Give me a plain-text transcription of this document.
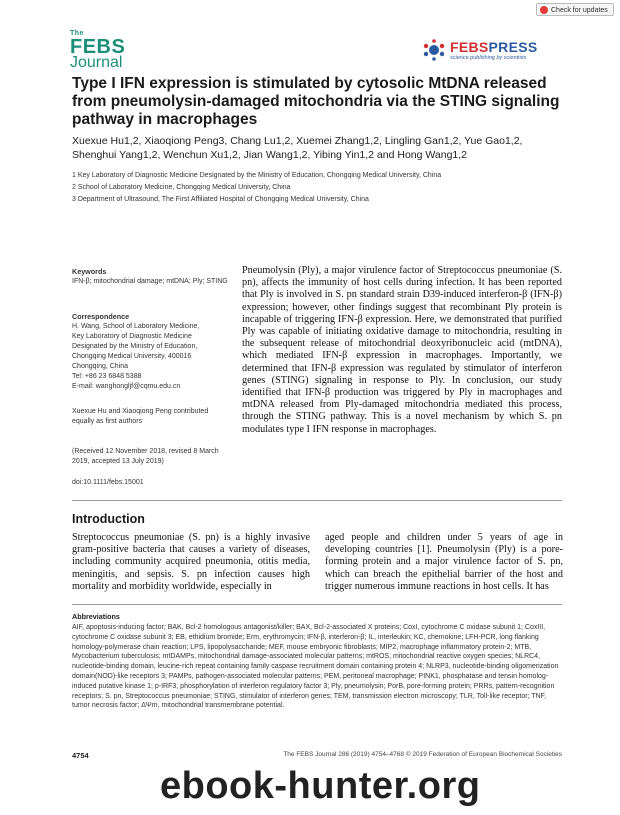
Check for updates
The
FEBS
Journal
FEBSPRESS
science publishing by scientists
Type I IFN expression is stimulated by cytosolic MtDNA released from pneumolysin-damaged mitochondria via the STING signaling pathway in macrophages
Xuexue Hu1,2, Xiaoqiong Peng3, Chang Lu1,2, Xuemei Zhang1,2, Lingling Gan1,2, Yue Gao1,2,
Shenghui Yang1,2, Wenchun Xu1,2, Jian Wang1,2, Yibing Yin1,2 and Hong Wang1,2
1 Key Laboratory of Diagnostic Medicine Designated by the Ministry of Education, Chongqing Medical University, China
2 School of Laboratory Medicine, Chongqing Medical University, China
3 Department of Ultrasound, The First Affiliated Hospital of Chongqing Medical University, China
Keywords
IFN-β; mitochondrial damage; mtDNA; Ply; STING
Correspondence
H. Wang, School of Laboratory Medicine,
Key Laboratory of Diagnostic Medicine
Designated by the Ministry of Education,
Chongqing Medical University, 400016
Chongqing, China
Tel: +86 23 6848 5388
E-mail: wanghongljf@cqmu.edu.cn
Xuexue Hu and Xiaoqiong Peng contributed equally as first authors
(Received 12 November 2018, revised 8 March 2019, accepted 13 July 2019)
doi:10.1111/febs.15001
Pneumolysin (Ply), a major virulence factor of Streptococcus pneumoniae (S. pn), affects the immunity of host cells during infection. It has been reported that Ply is involved in S. pn standard strain D39-induced interferon-β (IFN-β) expression; however, other findings suggest that recombinant Ply protein is incapable of triggering IFN-β expression. Here, we demonstrated that purified Ply was capable of initiating oxidative damage to mitochondria, resulting in the subsequent release of mitochondrial deoxyribonucleic acid (mtDNA), which mediated IFN-β expression in macrophages. Importantly, we determined that IFN-β expression was regulated by stimulator of interferon genes (STING) signaling in response to Ply. In conclusion, our study identified that IFN-β production was triggered by Ply in macrophages and mtDNA released from Ply-damaged mitochondria mediated this process, through the STING pathway. This is a novel mechanism by which S. pn modulates type I IFN response in macrophages.
Introduction
Streptococcus pneumoniae (S. pn) is a highly invasive gram-positive bacteria that causes a variety of diseases, including community acquired pneumonia, otitis media, meningitis, and sepsis. S. pn infection causes high mortality and morbidity worldwide, especially in
aged people and children under 5 years of age in developing countries [1]. Pneumolysin (Ply) is a pore-forming protein and a major virulence factor of S. pn, which can breach the epithelial barrier of the host and trigger numerous immune reactions in host cells. It has
Abbreviations
AIF, apoptosis-inducing factor; BAK, Bcl-2 homologous antagonist/killer; BAX, Bcl-2-associated X proteins; CoxI, cytochrome C oxidase subunit 1; CoxIII, cytochrome C oxidase subunit 3; EB, ethidium bromide; Erm, erythromycin; IFN-β, interferon-β; IL, interleukin; KC, chemokine; LFH-PCR, long flanking homology-polymerase chain reaction; LPS, lipopolysaccharide; MEF, mouse embryonic fibroblasts; MIP2, macrophage inflammatory protein-2; MTB, Mycobacterium tuberculosis; mtDAMPs, mitochondrial damage-associated molecular patterns; mtROS, mitochondrial reactive oxygen species; NLRC4, nucleotide-binding domain, leucine-rich repeat containing family caspase recruitment domain containing protein 4; NLRP3, nucleotide-binding oligomerization domain(NOD)-like receptors 3; PAMPs, pathogen-associated molecular patterns; PEM, peritoneal macrophage; PINK1, phosphatase and tensin homolog-induced putative kinase 1; p-IRF3, phosphorylation of interferon regulatory factor 3; Ply, pneumolysin; PorB, pore-forming protein; PRRs, pattern-recognition receptors; S. pn, Streptococcus pneumoniae; STING, stimulator of interferon genes; TEM, transmission electron microscopy; TLR, Toll-like receptor; TNF, tumor necrosis factor; ΔΨm, mitochondrial transmembrane potential.
4754	The FEBS Journal 286 (2019) 4754–4768 © 2019 Federation of European Biochemical Societies
ebook-hunter.org
